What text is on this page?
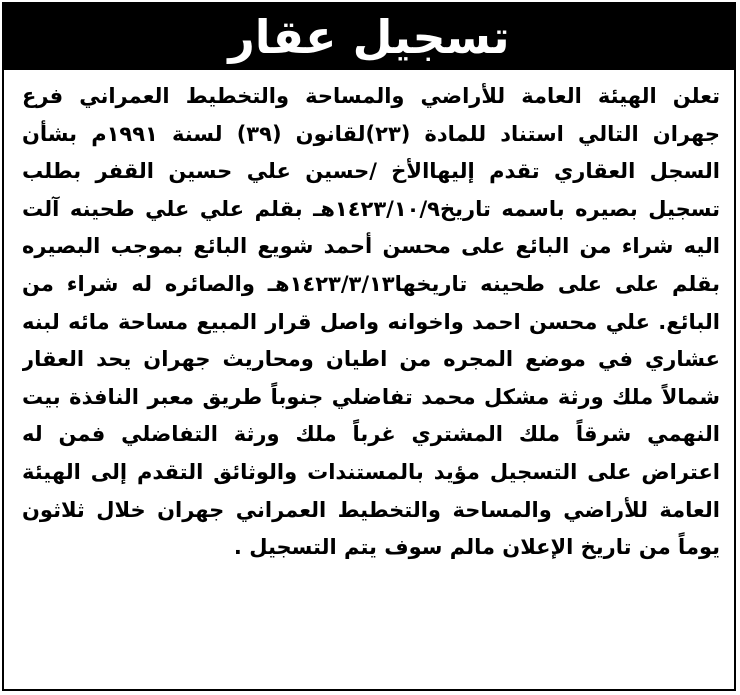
تسجيل عقار

تعلن الهيئة العامة للأراضي والمساحة والتخطيط العمراني فرع جهران التالي استناد للمادة (٢٣)لقانون (٣٩) لسنة ١٩٩١م بشأن السجل العقاري تقدم إليهاالأخ /حسين علي حسين القفر بطلب تسجيل بصيره باسمه تاريخ١٤٢٣/١٠/٩هـ بقلم علي علي طحينه آلت اليه شراء من البائع على محسن أحمد شويع البائع بموجب البصيره بقلم على على طحينه تاريخها١٤٢٣/٣/١٣هـ والصائره له شراء من البائع. علي محسن احمد واخوانه واصل قرار المبيع مساحة مائه لبنه عشاري في موضع المجره من اطيان ومحاريث جهران يحد العقار شمالاً ملك ورثة مشكل محمد تفاضلي جنوباً طريق معبر النافذة بيت النهمي شرقاً ملك المشتري غرباً ملك ورثة التفاضلي فمن له اعتراض على التسجيل مؤيد بالمستندات والوثائق التقدم إلى الهيئة العامة للأراضي والمساحة والتخطيط العمراني جهران خلال ثلاثون يوماً من تاريخ الإعلان مالم سوف يتم التسجيل .
